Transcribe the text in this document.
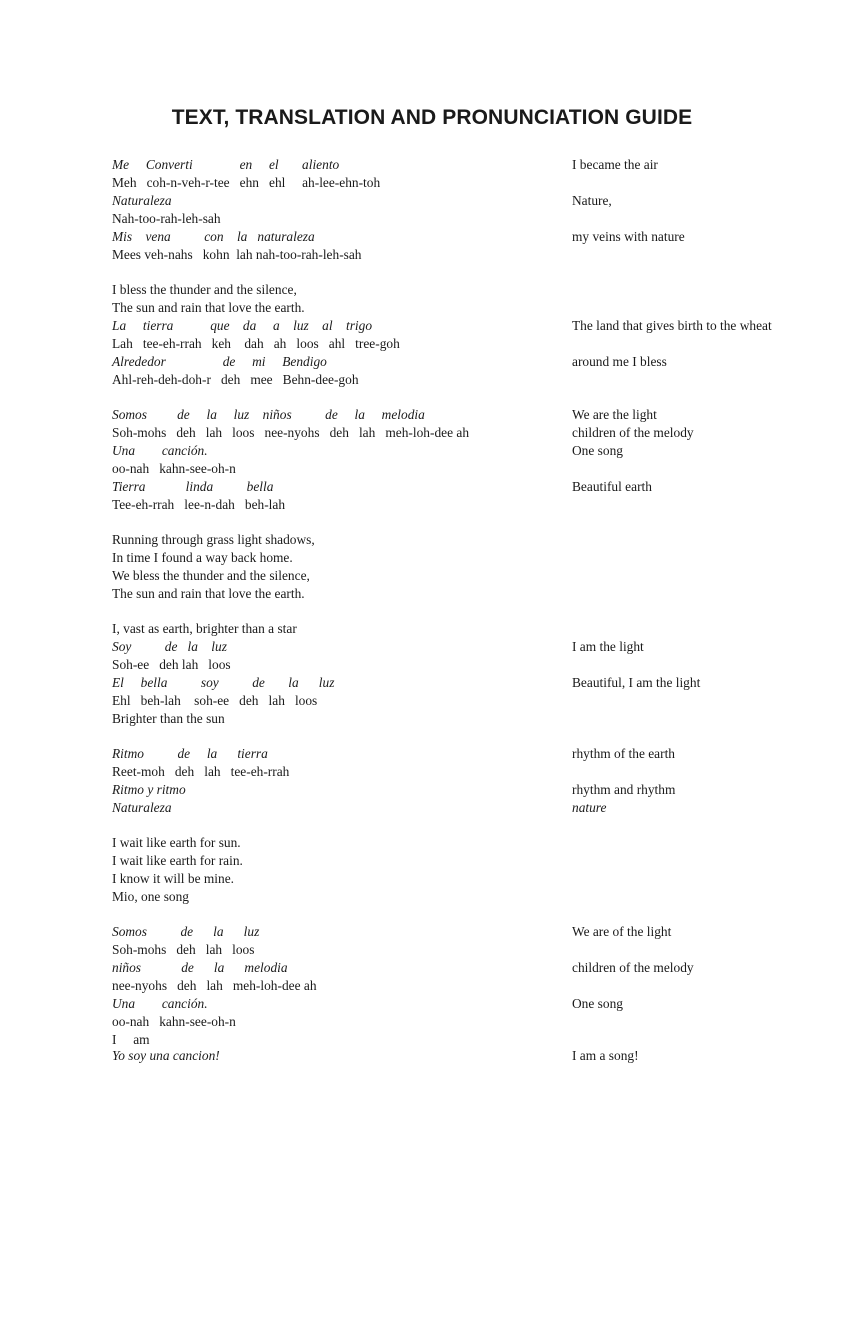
TEXT, TRANSLATION AND PRONUNCIATION GUIDE
Me     Converti              en     el       aliento
Meh   coh-n-veh-r-tee   ehn   ehl     ah-lee-ehn-toh
Naturaleza
Nah-too-rah-leh-sah
Mis    vena          con    la   naturaleza
Mees veh-nahs   kohn  lah nah-too-rah-leh-sah
I bless the thunder and the silence,
The sun and rain that love the earth.
La     tierra           que    da     a    luz    al    trigo
Lah   tee-eh-rrah   keh    dah   ah   loos   ahl   tree-goh
Alrededor                 de     mi     Bendigo
Ahl-reh-deh-doh-r   deh   mee   Behn-dee-goh
Somos         de     la     luz    niños          de     la     melodia
Soh-mohs   deh   lah   loos   nee-nyohs   deh   lah   meh-loh-dee ah
Una        canción.
oo-nah   kahn-see-oh-n
Tierra            linda          bella
Tee-eh-rrah   lee-n-dah   beh-lah
Running through grass light shadows,
In time I found a way back home.
We bless the thunder and the silence,
The sun and rain that love the earth.
I, vast as earth, brighter than a star
Soy          de   la    luz
Soh-ee   deh lah   loos
El     bella          soy          de       la      luz
Ehl   beh-lah    soh-ee   deh   lah   loos
Brighter than the sun
Ritmo          de     la      tierra
Reet-moh   deh   lah   tee-eh-rrah
Ritmo y ritmo
Naturaleza
I wait like earth for sun.
I wait like earth for rain.
I know it will be mine.
Mio, one song
Somos          de      la      luz
Soh-mohs   deh   lah   loos
niños            de      la      melodia
nee-nyohs   deh   lah   meh-loh-dee ah
Una        canción.
oo-nah   kahn-see-oh-n
I     am
Yo soy una cancion!
I became the air
Nature,
my veins with nature
The land that gives birth to the wheat
around me I bless
We are the light
children of the melody
One song
Beautiful earth
I am the light
Beautiful, I am the light
rhythm of the earth
rhythm and rhythm
nature
We are of the light
children of the melody
One song
I am a song!
